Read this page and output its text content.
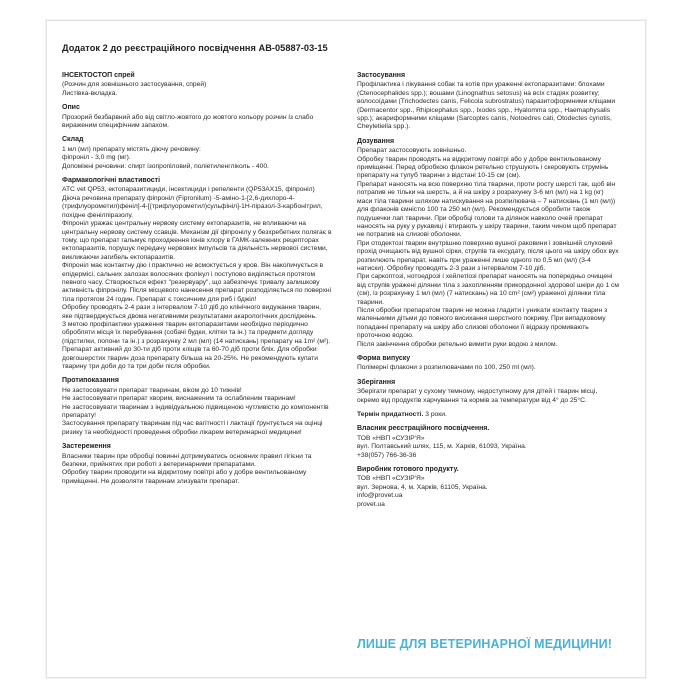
Додаток 2 до реєстраційного посвідчення АВ-05887-03-15
ІНСЕКТОСТОП спрей
(Розчин для зовнішнього застосування, спрей)
Листівка-вкладка.
Опис
Прозорий безбарвний або від світло-жовтого до жовтого кольору розчин із слабо вираженим специфічним запахом.
Склад
1 мл (мл) препарату містять діючу речовину:
фіпроніл - 3,0 mg (мг).
Допоміжні речовини: спирт ізопропіловий, поліетиленгліколь - 400.
Фармакологічні властивості
ATC vet QP53, ектопаразитициди, інсектициди і репеленти (QP53AX15, фіпроніл)
Діюча речовина препарату фіпроніл (Fipronilum) -5-аміно-1-[2,6-дихлоро-4-(трифлуорометил)феніл]-4-[(трифлуорометил)сульфініл]-1Н-піразол-3-карбонітрил, похідне фенілпіразолу.
Фіпроніл уражає центральну нервову систему ектопаразитів, не впливаючи на центральну нервову систему ссавців. Механізм дії фіпронілу у безхребетних полягає в тому, що препарат гальмує проходження іонів хлору в ГАМК-залежних рецепторах ектопаразитів, порушує передачу нервових імпульсів та діяльність нервової системи, викликаючи загибель ектопаразитів.
Фіпроніл має контактну дію і практично не всмоктується у кров. Він накопичується в епідермісі, сальних залозах волосяних фолікул і поступово виділяється протягом певного часу. Створюється ефект "резервуару", що забезпечує тривалу залишкову активність фіпронілу. Після місцевого нанесення препарат розподіляється по поверхні тіла протягом 24 годин. Препарат є токсичним для риб і бджіл!
Обробку проводять 2-4 рази з інтервалом 7-10 діб до клінічного видужання тварин, яке підтверджується двома негативними результатами акарологічних досліджень.
З метою профілактики ураження тварин ектопаразитами необхідно періодично обробляти місця їх перебування (собачі будки, клітки та ін.) та предмети догляду (підстилки, попони та ін.) з розрахунку 2 мл (мл) (14 натискань) препарату на 1m² (м²).
Препарат активний до 30-ти діб проти кліщів та 60-70 діб проти бліх. Для обробки довгошерстих тварин доза препарату більша на 20-25%. Не рекомендують купати тварину три доби до та три доби після обробки.
Протипоказання
Не застосовувати препарат тваринам, віком до 10 тижнів!
Не застосовувати препарат хворим, виснаженим та ослабленим тваринам!
Не застосовувати тваринам з індивідуальною підвищеною чутливістю до компонентів препарату!
Застосування препарату тваринам під час вагітності і лактації ґрунтується на оцінці ризику та необхідності проведення обробки лікарем ветеринарної медицини!
Застереження
Власники тварин при обробці повинні дотримуватись основних правил гігієни та безпеки, прийнятих при роботі з ветеринарними препаратами.
Обробку тварин проводити на відкритому повітрі або у добре вентильованому приміщенні. Не дозволяти тваринам злизувати препарат.
Застосування
Профілактика і лікування собак та котів при ураженні ектопаразитами: блохами (Ctenocephalides spp.); вошами (Linognathus setosus) на всіх стадіях розвитку; волосоїдами (Trichodectes canis, Felicola subrostratus) паразитоформними кліщами (Dermacentor spp., Rhipicephalus spp., Ixodes spp., Hyalomma spp., Haemaphysalis spp.); акариформними кліщами (Sarcoptes canis, Notoedres cati, Otodectes cynotis, Cheyletiella spp.).
Дозування
Препарат застосовують зовнішньо.
Обробку тварин проводять на відкритому повітрі або у добре вентильованому приміщенні. Перед обробкою флакон ретельно струшують і скеровують струмінь препарату на тулуб тварини з відстані 10-15 см (см).
Препарат наносять на всю поверхню тіла тварини, проти росту шерсті так, щоб він потрапив не тільки на шерсть, а й на шкіру з розрахунку 3-6 мл (мл) на 1 kg (кг) маси тіла тварини шляхом натискування на розпилювача – 7 натискань (1 мл (мл)) для флаконів ємністю 100 та 250 мл (мл). Рекомендується обробити також подушечки лап тварини. При обробці голови та ділянок навколо очей препарат наносять на руку у рукавиці і втирають у шкіру тварини, таким чином щоб препарат не потрапив на слизові оболонки.
При отодектозі тварин внутрішню поверхню вушної раковини і зовнішній слуховий прохід очищають від вушної сірки, струпів та ексудату, після цього на шкіру обох вух розпилюють препарат, навіть при ураженні лише одного по 0,5 мл (мл) (3-4 натиски). Обробку проводять 2-3 рази з інтервалом 7-10 діб.
При саркоптозі, нотоедрозі і хейлетіозі препарат наносять на попередньо очищені від струпів уражені ділянки тіла з захопленням прикордонної здорової шкіри до 1 см (см), із розрахунку 1 мл (мл) (7 натискань) на 10 cm² (см²) ураженої ділянки тіла тварини.
Після обробки препаратом тварин не можна гладити і уникати контакту тварин з маленькими дітьми до повного висихання шерстного покриву. При випадковому попаданні препарату на шкіру або слизові оболонки її відразу промивають проточною водою.
Після закінчення обробки ретельно вимити руки водою з милом.
Форма випуску
Полімерні флакони з розпилювачами по 100, 250 ml (мл).
Зберігання
Зберігати препарат у сухому темному, недоступному для дітей і тварин місці, окремо від продуктів харчування та кормів за температури від 4° до 25°С.
Термін придатності. 3 роки.
Власник реєстраційного посвідчення.
ТОВ «НВП «СУЗІР'Я»
вул. Полтавський шлях, 115, м. Харків, 61093, Україна.
+38(057) 766-36-36
Виробник готового продукту.
ТОВ «НВП «СУЗІР'Я»
вул. Зернова, 4, м. Харків, 61105, Україна.
info@provet.ua
provet.ua
ЛИШЕ ДЛЯ ВЕТЕРИНАРНОЇ МЕДИЦИНИ!
